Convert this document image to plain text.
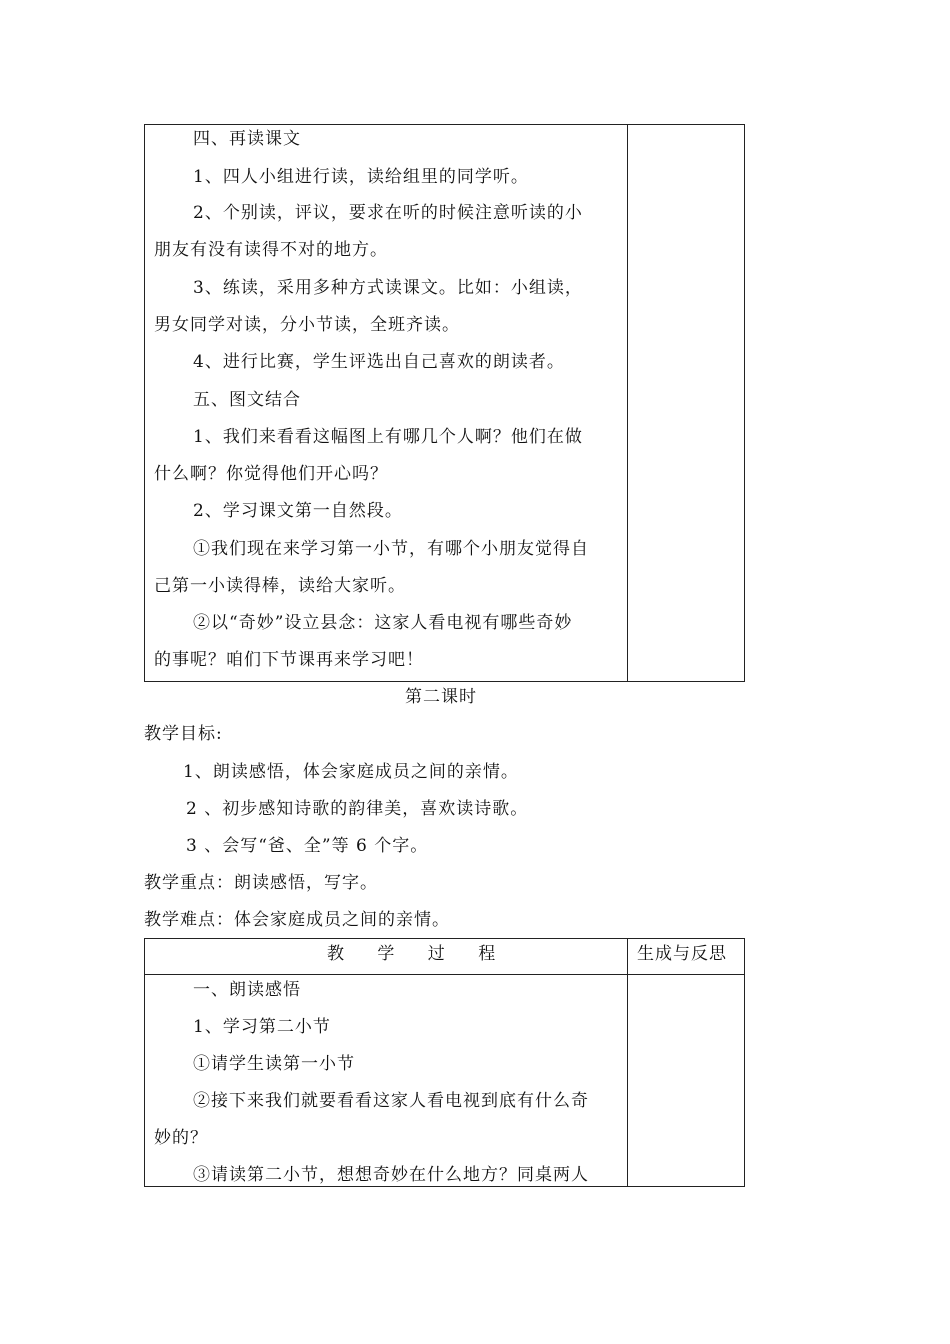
四、再读课文
1、四人小组进行读，读给组里的同学听。
2、个别读，评议，要求在听的时候注意听读的小
朋友有没有读得不对的地方。
3、练读，采用多种方式读课文。比如：小组读，
男女同学对读，分小节读，全班齐读。
4、进行比赛，学生评选出自己喜欢的朗读者。
五、图文结合
1、我们来看看这幅图上有哪几个人啊？他们在做
什么啊？你觉得他们开心吗？
2、学习课文第一自然段。
①我们现在来学习第一小节，有哪个小朋友觉得自
己第一小读得棒，读给大家听。
②以“奇妙”设立县念：这家人看电视有哪些奇妙
的事呢？咱们下节课再来学习吧！
第二课时
教学目标:
1、朗读感悟，体会家庭成员之间的亲情。
2 、初步感知诗歌的韵律美，喜欢读诗歌。
3 、会写“爸、全”等 6 个字。
教学重点：朗读感悟，写字。
教学难点：体会家庭成员之间的亲情。
教 学 过 程	生成与反思
一、朗读感悟
1、学习第二小节
①请学生读第一小节
②接下来我们就要看看这家人看电视到底有什么奇
妙的？
③请读第二小节，想想奇妙在什么地方？同桌两人
